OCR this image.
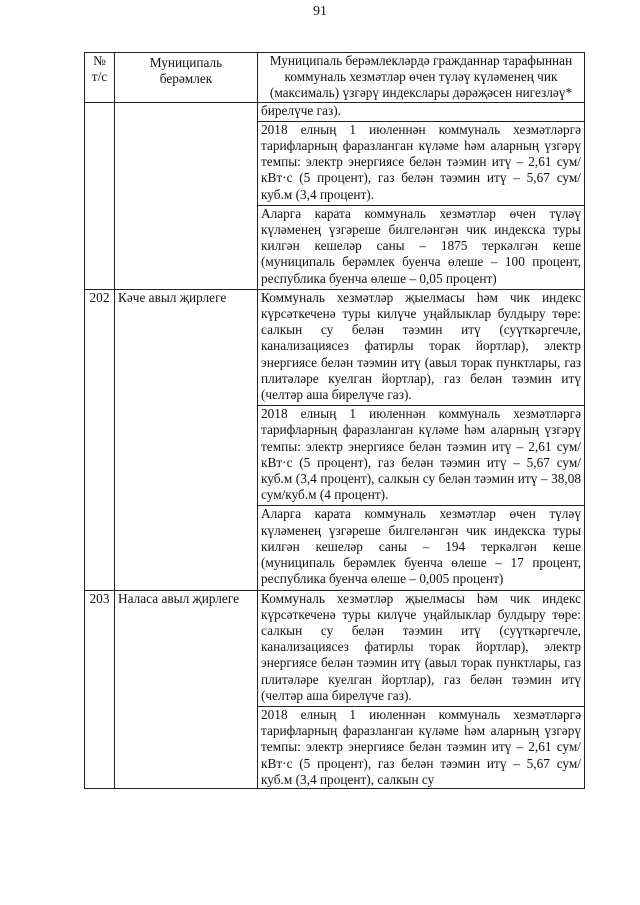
91
№ т/с	Муниципаль берәмлек	Муниципаль берәмлекләрдә гражданнар тарафыннан коммуналь хезмәтләр өчен түләү күләменең чик (максималь) үзгәрү индекслары дәрәҗәсен нигезләү*

		бирелүче газ).
2018 елның 1 июленнән коммуналь хезмәтләргә тарифларның фаразланган күләме һәм аларның үзгәрү темпы: электр энергиясе белән тәэмин итү – 2,61 сум/кВт·с (5 процент), газ белән тәэмин итү – 5,67 сум/куб.м (3,4 процент).
Аларга карата коммуналь хезмәтләр өчен түләү күләменең үзгәреше билгеләнгән чик индекска туры килгән кешеләр саны – 1875 теркәлгән кеше (муниципаль берәмлек буенча өлеше – 100 процент, республика буенча өлеше – 0,05 процент)

202	Кәче авыл җирлеге	Коммуналь хезмәтләр җыелмасы һәм чик индекс күрсәткеченә туры килүче уңайлыклар булдыру төре: салкын су белән тәэмин итү (суүткәргечле, канализациясез фатирлы торак йортлар), электр энергиясе белән тәэмин итү (авыл торак пунктлары, газ плитәләре куелган йортлар), газ белән тәэмин итү (челтәр аша бирелүче газ).
2018 елның 1 июленнән коммуналь хезмәтләргә тарифларның фаразланган күләме һәм аларның үзгәрү темпы: электр энергиясе белән тәэмин итү – 2,61 сум/кВт·с (5 процент), газ белән тәэмин итү – 5,67 сум/куб.м (3,4 процент), салкын су белән тәэмин итү – 38,08 сум/куб.м (4 процент).
Аларга карата коммуналь хезмәтләр өчен түләү күләменең үзгәреше билгеләнгән чик индекска туры килгән кешеләр саны – 194 теркәлгән кеше (муниципаль берәмлек буенча өлеше – 17 процент, республика буенча өлеше – 0,005 процент)

203	Наласа авыл җирлеге	Коммуналь хезмәтләр җыелмасы һәм чик индекс күрсәткеченә туры килүче уңайлыклар булдыру төре: салкын су белән тәэмин итү (суүткәргечле, канализациясез фатирлы торак йортлар), электр энергиясе белән тәэмин итү (авыл торак пунктлары, газ плитәләре куелган йортлар), газ белән тәэмин итү (челтәр аша бирелүче газ).
2018 елның 1 июленнән коммуналь хезмәтләргә тарифларның фаразланган күләме һәм аларның үзгәрү темпы: электр энергиясе белән тәэмин итү – 2,61 сум/кВт·с (5 процент), газ белән тәэмин итү – 5,67 сум/куб.м (3,4 процент), салкын су
